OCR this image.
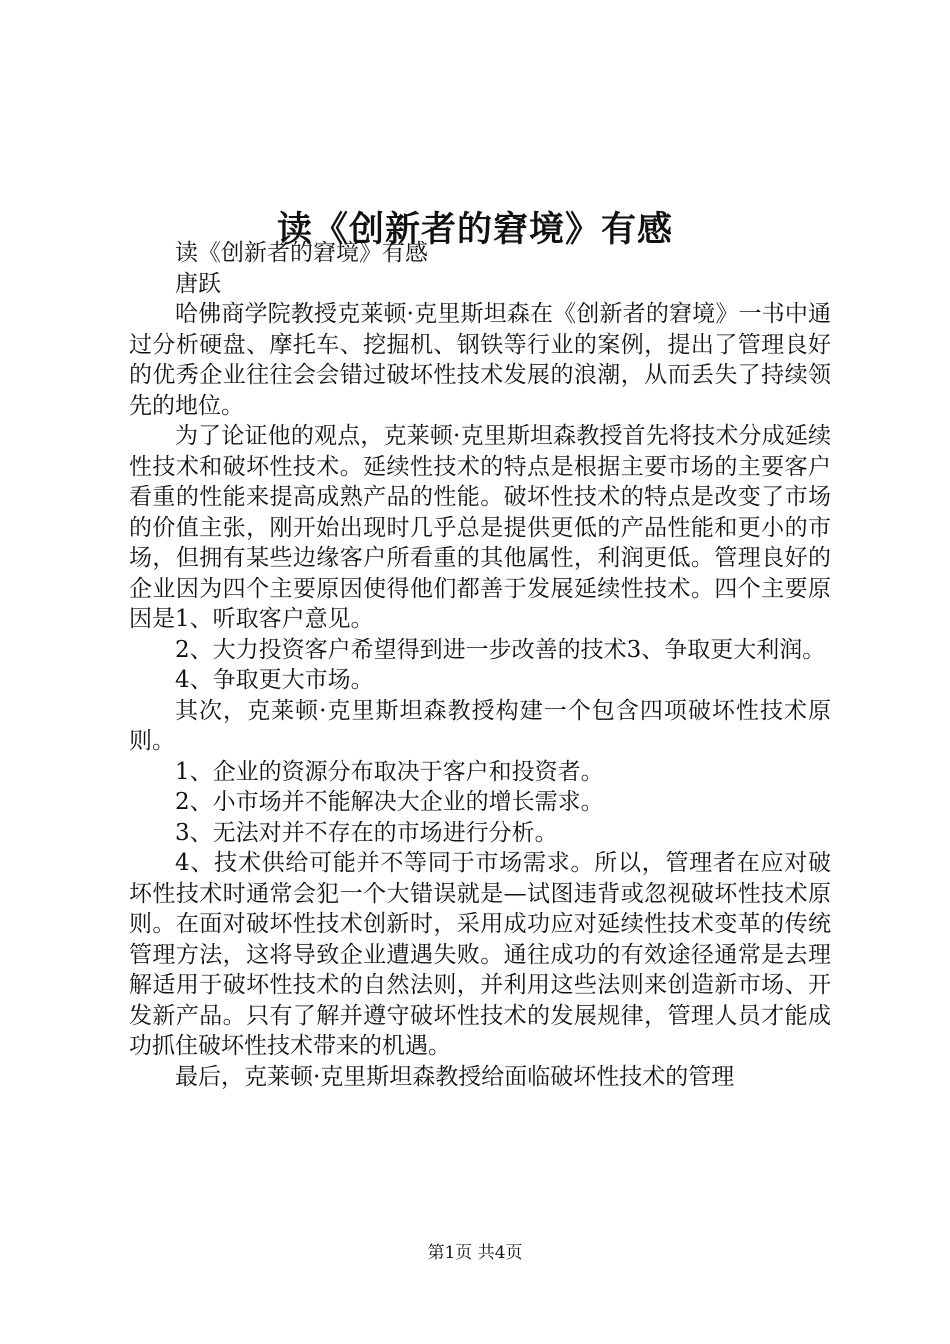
读《创新者的窘境》有感

读《创新者的窘境》有感

唐跃

哈佛商学院教授克莱顿·克里斯坦森在《创新者的窘境》一书中通过分析硬盘、摩托车、挖掘机、钢铁等行业的案例，提出了管理良好的优秀企业往往会会错过破坏性技术发展的浪潮，从而丢失了持续领先的地位。

为了论证他的观点，克莱顿·克里斯坦森教授首先将技术分成延续性技术和破坏性技术。延续性技术的特点是根据主要市场的主要客户看重的性能来提高成熟产品的性能。破坏性技术的特点是改变了市场的价值主张，刚开始出现时几乎总是提供更低的产品性能和更小的市场，但拥有某些边缘客户所看重的其他属性，利润更低。管理良好的企业因为四个主要原因使得他们都善于发展延续性技术。四个主要原因是1、听取客户意见。

2、大力投资客户希望得到进一步改善的技术3、争取更大利润。

4、争取更大市场。

其次，克莱顿·克里斯坦森教授构建一个包含四项破坏性技术原则。

1、企业的资源分布取决于客户和投资者。

2、小市场并不能解决大企业的增长需求。

3、无法对并不存在的市场进行分析。

4、技术供给可能并不等同于市场需求。所以，管理者在应对破坏性技术时通常会犯一个大错误就是—试图违背或忽视破坏性技术原则。在面对破坏性技术创新时，采用成功应对延续性技术变革的传统管理方法，这将导致企业遭遇失败。通往成功的有效途径通常是去理解适用于破坏性技术的自然法则，并利用这些法则来创造新市场、开发新产品。只有了解并遵守破坏性技术的发展规律，管理人员才能成功抓住破坏性技术带来的机遇。

最后，克莱顿·克里斯坦森教授给面临破坏性技术的管理

第1页 共4页
